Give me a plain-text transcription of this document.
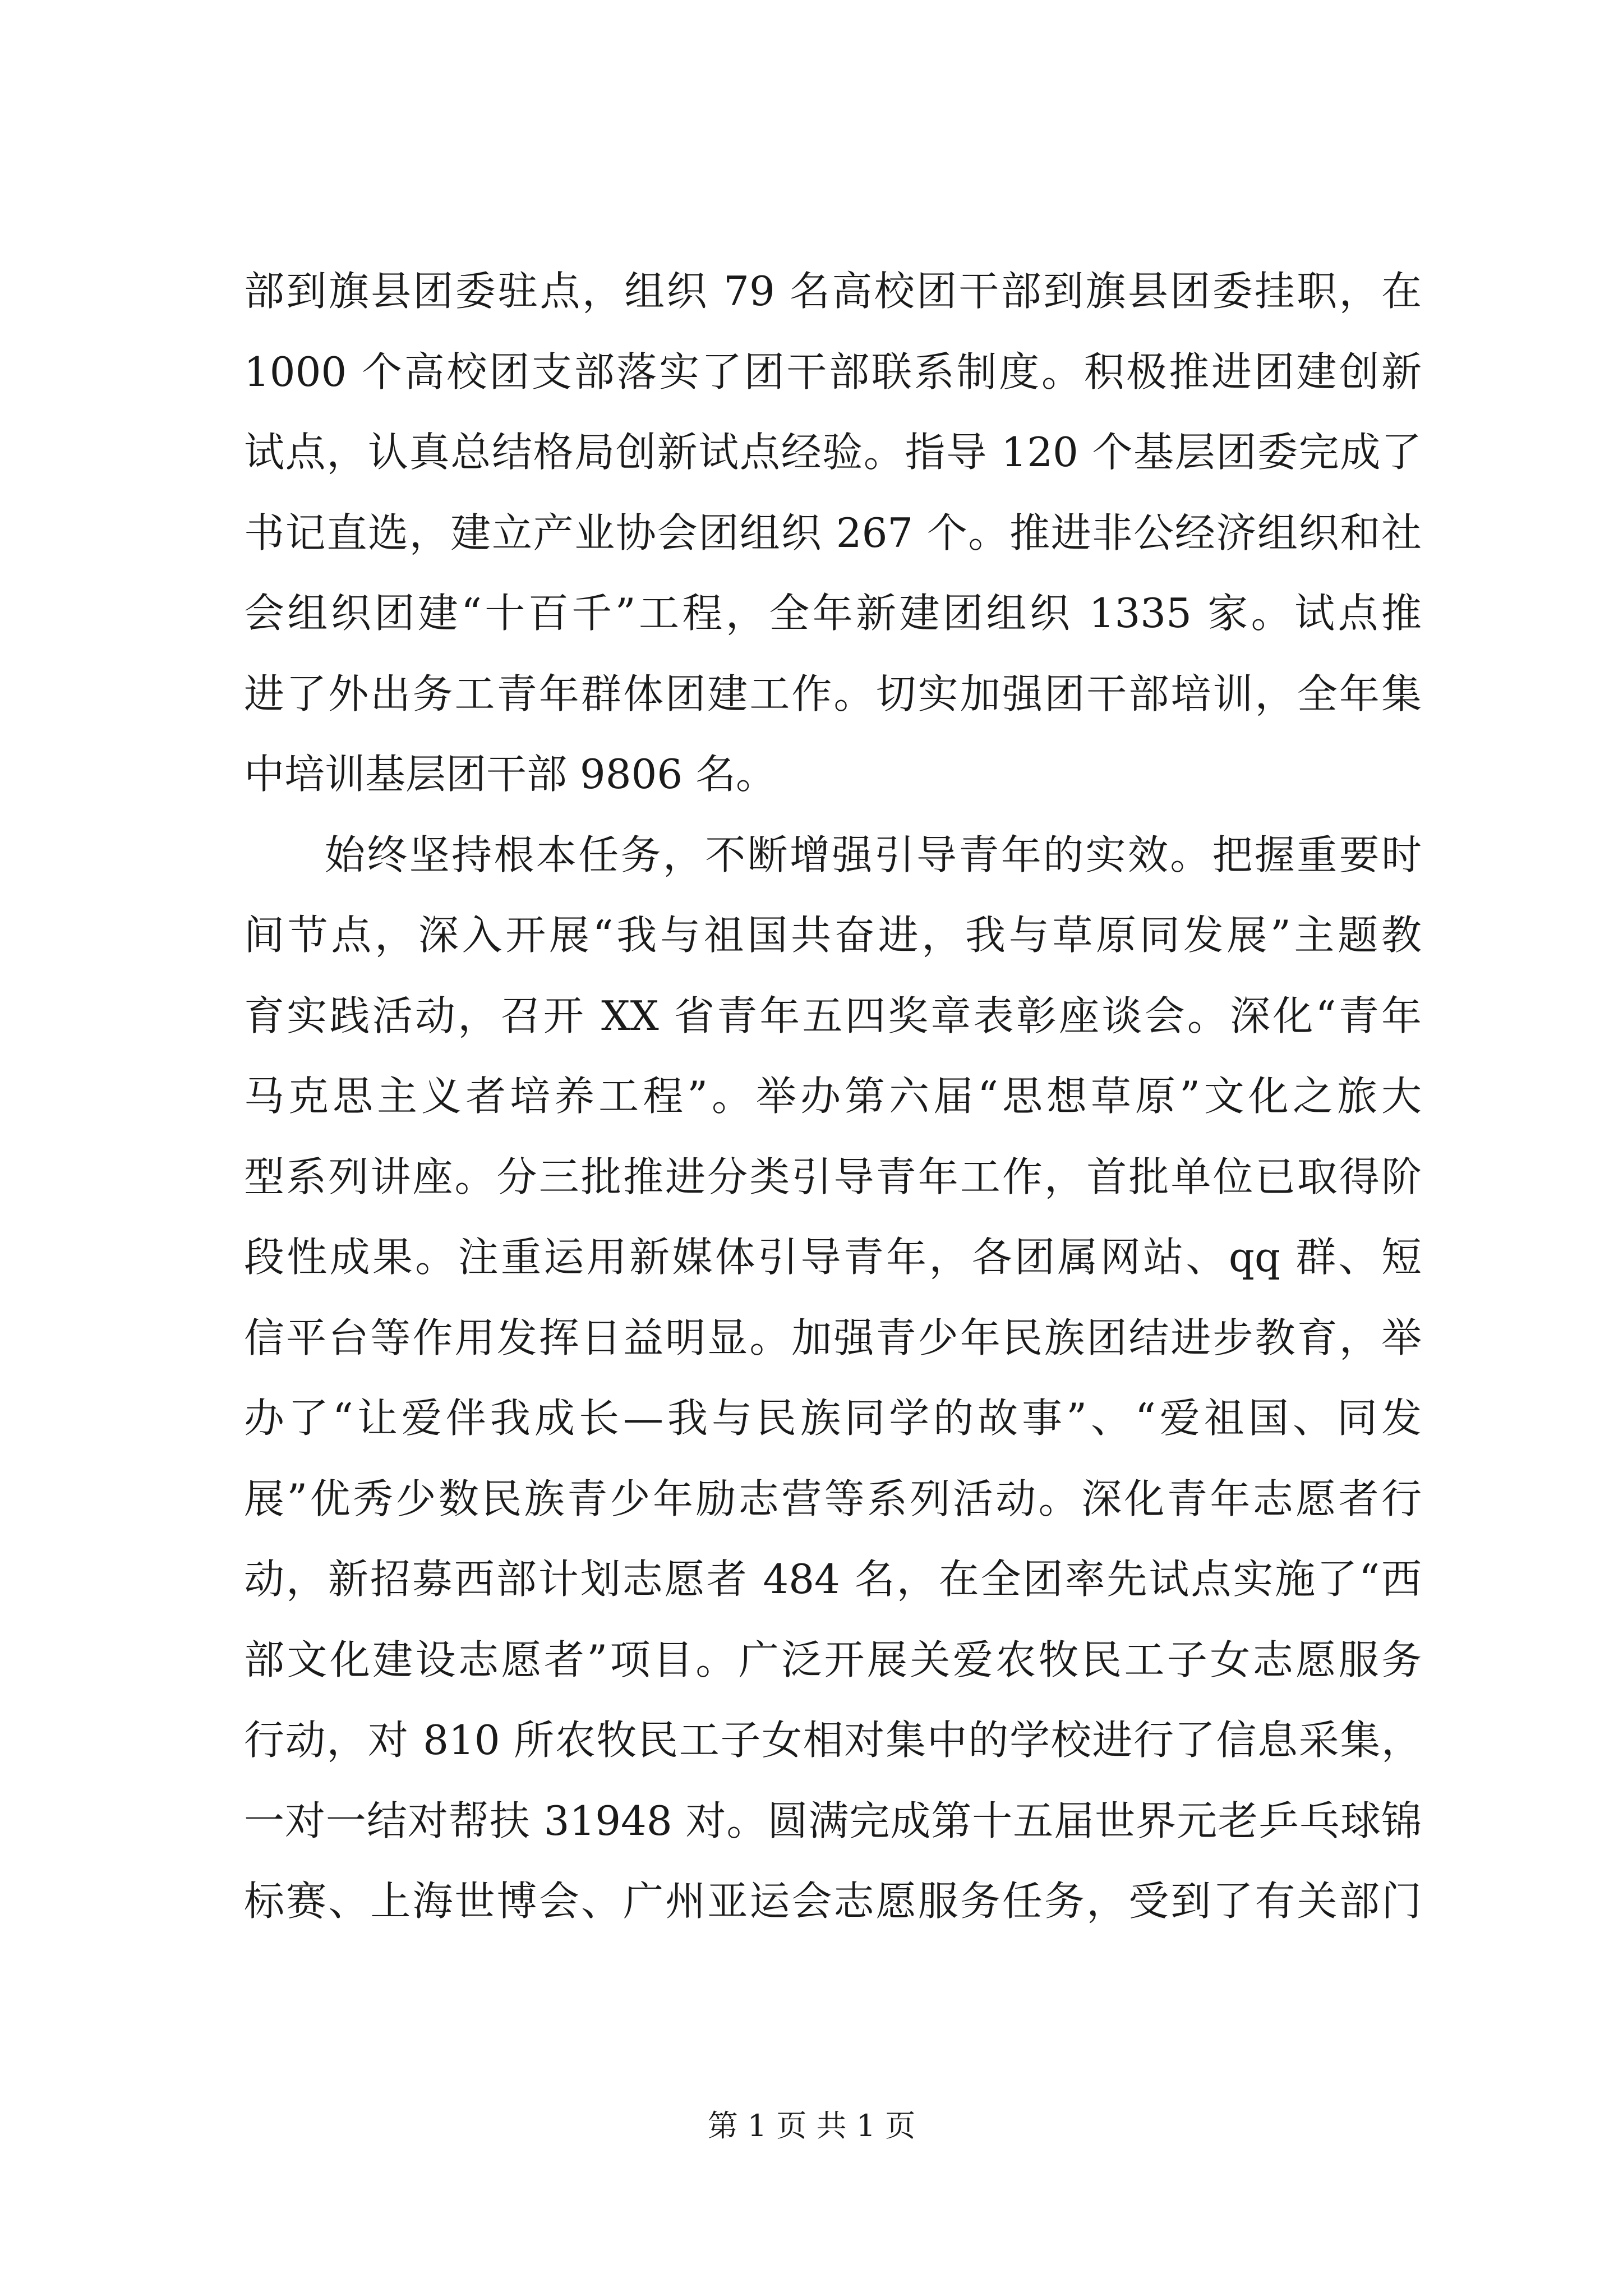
部到旗县团委驻点，组织 79 名高校团干部到旗县团委挂职，在
1000 个高校团支部落实了团干部联系制度。积极推进团建创新
试点，认真总结格局创新试点经验。指导 120 个基层团委完成了
书记直选，建立产业协会团组织 267 个。推进非公经济组织和社
会组织团建“十百千”工程，全年新建团组织 1335 家。试点推
进了外出务工青年群体团建工作。切实加强团干部培训，全年集
中培训基层团干部 9806 名。
始终坚持根本任务，不断增强引导青年的实效。把握重要时
间节点，深入开展“我与祖国共奋进，我与草原同发展”主题教
育实践活动，召开 XX 省青年五四奖章表彰座谈会。深化“青年
马克思主义者培养工程”。举办第六届“思想草原”文化之旅大
型系列讲座。分三批推进分类引导青年工作，首批单位已取得阶
段性成果。注重运用新媒体引导青年，各团属网站、qq 群、短
信平台等作用发挥日益明显。加强青少年民族团结进步教育，举
办了“让爱伴我成长—我与民族同学的故事”、“爱祖国、同发
展”优秀少数民族青少年励志营等系列活动。深化青年志愿者行
动，新招募西部计划志愿者 484 名，在全团率先试点实施了“西
部文化建设志愿者”项目。广泛开展关爱农牧民工子女志愿服务
行动，对 810 所农牧民工子女相对集中的学校进行了信息采集，
一对一结对帮扶 31948 对。圆满完成第十五届世界元老乒乓球锦
标赛、上海世博会、广州亚运会志愿服务任务，受到了有关部门
第 1 页 共 1 页
